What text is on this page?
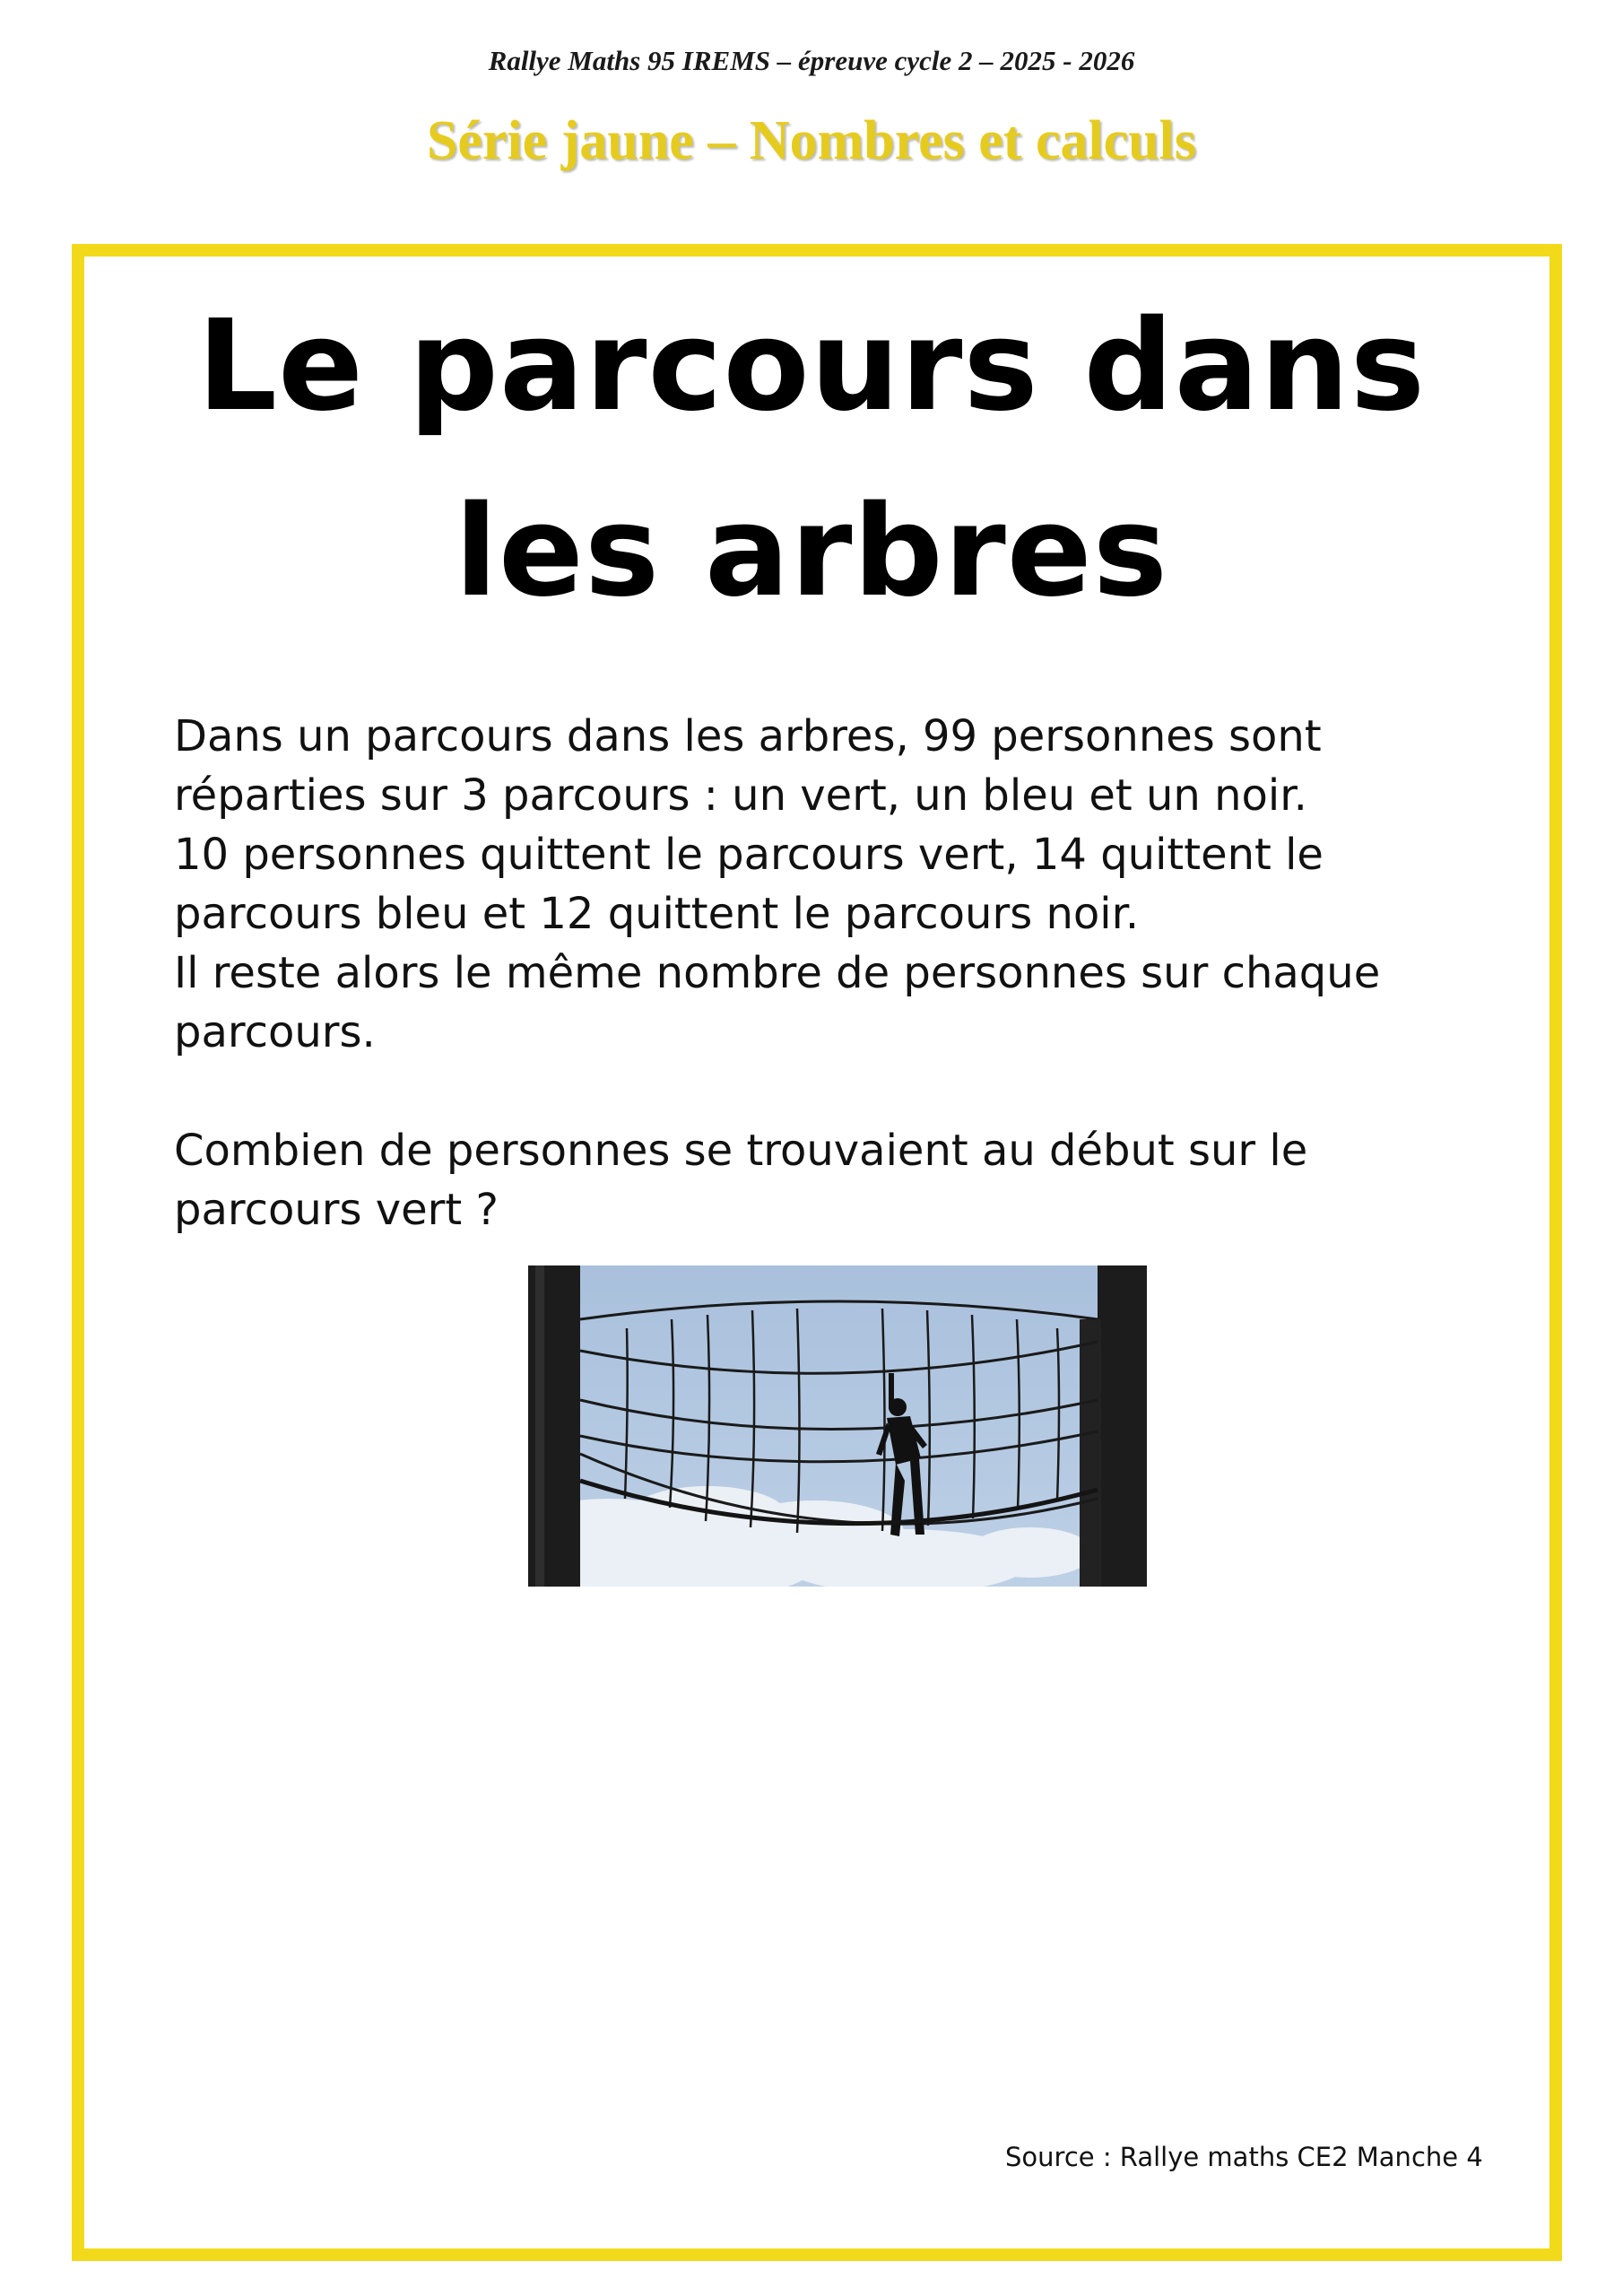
Rallye Maths 95 IREMS – épreuve cycle 2 – 2025 - 2026
Série jaune – Nombres et calculs
Le parcours dans
les arbres

Dans un parcours dans les arbres, 99 personnes sont

réparties sur 3 parcours : un vert, un bleu et un noir.

10 personnes quittent le parcours vert, 14 quittent le

parcours bleu et 12 quittent le parcours noir.

Il reste alors le même nombre de personnes sur chaque

parcours.

Combien de personnes se trouvaient au début sur le

parcours vert ?

Source : Rallye maths CE2 Manche 4
